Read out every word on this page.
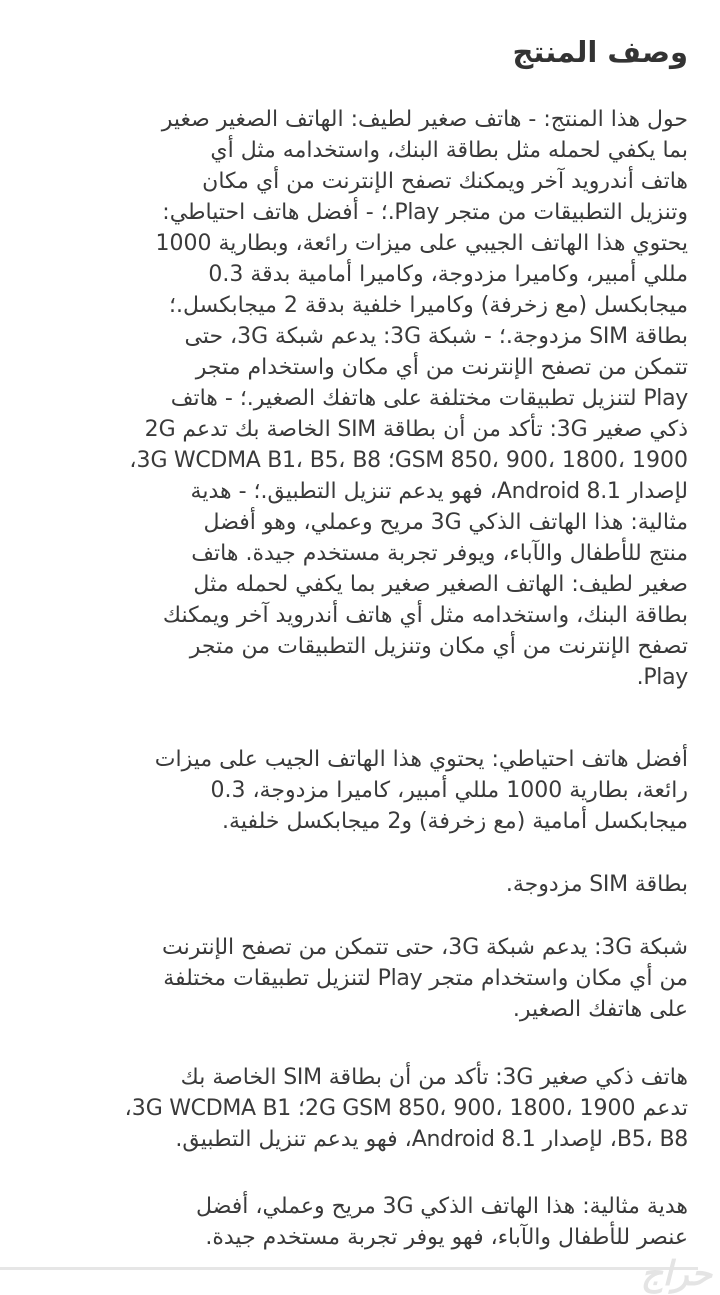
وصف المنتج
حول هذا المنتج: - هاتف صغير لطيف: الهاتف الصغير صغير
بما يكفي لحمله مثل بطاقة البنك، واستخدامه مثل أي
هاتف أندرويد آخر ويمكنك تصفح الإنترنت من أي مكان
وتنزيل التطبيقات من متجر Play.؛ - أفضل هاتف احتياطي:
يحتوي هذا الهاتف الجيبي على ميزات رائعة، وبطارية 1000
مللي أمبير، وكاميرا مزدوجة، وكاميرا أمامية بدقة 0.3
ميجابكسل (مع زخرفة) وكاميرا خلفية بدقة 2 ميجابكسل.؛
بطاقة SIM مزدوجة.؛ - شبكة 3G: يدعم شبكة 3G، حتى
تتمكن من تصفح الإنترنت من أي مكان واستخدام متجر
Play لتنزيل تطبيقات مختلفة على هاتفك الصغير.؛ - هاتف
ذكي صغير 3G: تأكد من أن بطاقة SIM الخاصة بك تدعم 2G
GSM 850، 900، 1800، 1900؛ 3G WCDMA B1، B5، B8،
لإصدار Android 8.1، فهو يدعم تنزيل التطبيق.؛ - هدية
مثالية: هذا الهاتف الذكي 3G مريح وعملي، وهو أفضل
منتج للأطفال والآباء، ويوفر تجربة مستخدم جيدة. هاتف
صغير لطيف: الهاتف الصغير صغير بما يكفي لحمله مثل
بطاقة البنك، واستخدامه مثل أي هاتف أندرويد آخر ويمكنك
تصفح الإنترنت من أي مكان وتنزيل التطبيقات من متجر
Play.
أفضل هاتف احتياطي: يحتوي هذا الهاتف الجيب على ميزات
رائعة، بطارية 1000 مللي أمبير، كاميرا مزدوجة، 0.3
ميجابكسل أمامية (مع زخرفة) و2 ميجابكسل خلفية.
بطاقة SIM مزدوجة.
شبكة 3G: يدعم شبكة 3G، حتى تتمكن من تصفح الإنترنت
من أي مكان واستخدام متجر Play لتنزيل تطبيقات مختلفة
على هاتفك الصغير.
هاتف ذكي صغير 3G: تأكد من أن بطاقة SIM الخاصة بك
تدعم 2G GSM 850، 900، 1800، 1900؛ 3G WCDMA B1،
B5، B8، لإصدار Android 8.1، فهو يدعم تنزيل التطبيق.
هدية مثالية: هذا الهاتف الذكي 3G مريح وعملي، أفضل
عنصر للأطفال والآباء، فهو يوفر تجربة مستخدم جيدة.
حراج
